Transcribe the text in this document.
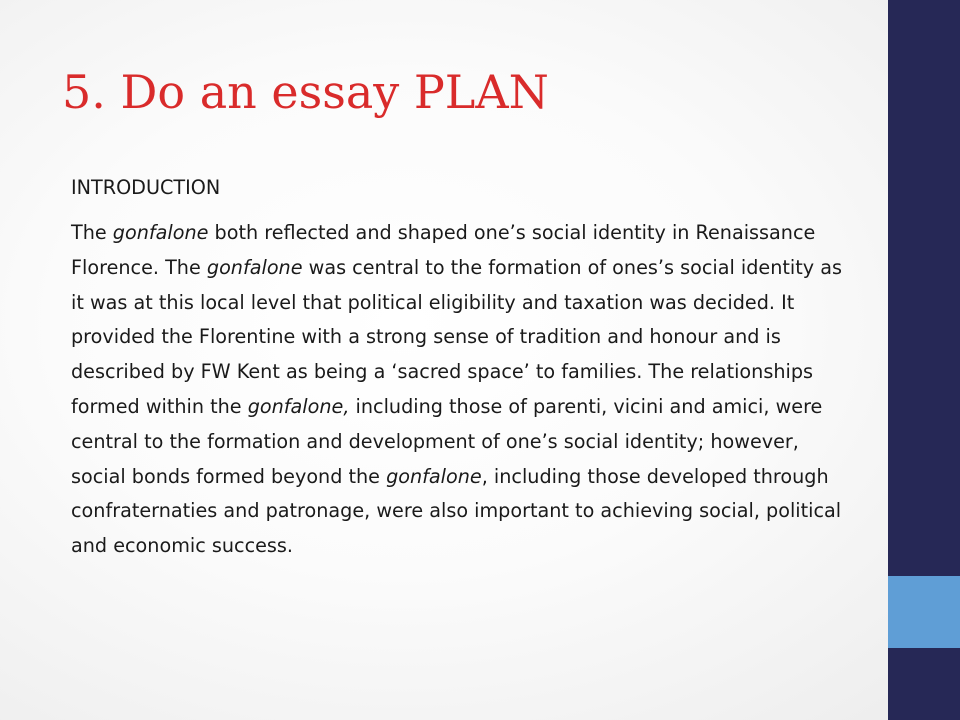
5. Do an essay PLAN

INTRODUCTION

The gonfalone both reflected and shaped one’s social identity in Renaissance Florence. The gonfalone was central to the formation of ones’s social identity as it was at this local level that political eligibility and taxation was decided. It provided the Florentine with a strong sense of tradition and honour and is described by FW Kent as being a ‘sacred space’ to families. The relationships formed within the gonfalone, including those of parenti, vicini and amici, were central to the formation and development of one’s social identity; however, social bonds formed beyond the gonfalone, including those developed through confraternaties and patronage, were also important to achieving social, political and economic success.
